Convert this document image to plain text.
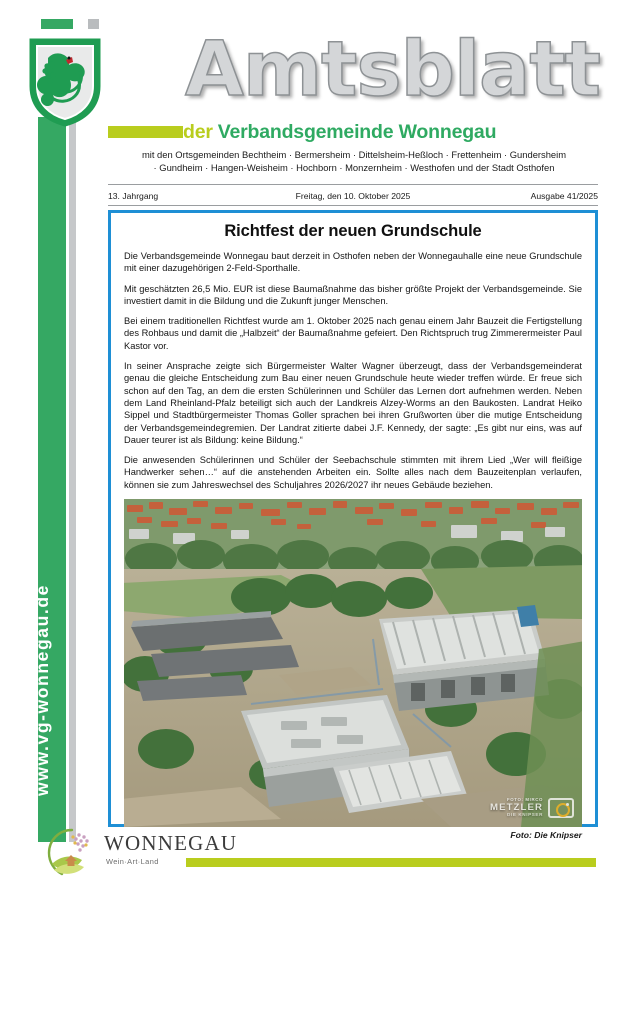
www.vg-wonnegau.de
Amtsblatt
der Verbandsgemeinde Wonnegau
mit den Ortsgemeinden Bechtheim · Bermersheim · Dittelsheim-Heßloch · Frettenheim · Gundersheim
· Gundheim · Hangen-Weisheim · Hochborn · Monzernheim · Westhofen und der Stadt Osthofen
13. Jahrgang	Freitag, den 10. Oktober 2025	Ausgabe 41/2025
Richtfest der neuen Grundschule

Die Verbandsgemeinde Wonnegau baut derzeit in Osthofen neben der Wonnegauhalle eine neue Grundschule mit einer dazugehörigen 2-Feld-Sporthalle.

Mit geschätzten 26,5 Mio. EUR ist diese Baumaßnahme das bisher größte Projekt der Verbandsgemeinde. Sie investiert damit in die Bildung und die Zukunft junger Menschen.

Bei einem traditionellen Richtfest wurde am 1. Oktober 2025 nach genau einem Jahr Bauzeit die Fertigstellung des Rohbaus und damit die „Halbzeit“ der Baumaßnahme gefeiert. Den Richtspruch trug Zimmerermeister Paul Kastor vor.

In seiner Ansprache zeigte sich Bürgermeister Walter Wagner überzeugt, dass der Verbandsgemeinderat genau die gleiche Entscheidung zum Bau einer neuen Grundschule heute wieder treffen würde. Er freue sich schon auf den Tag, an dem die ersten Schülerinnen und Schüler das Lernen dort aufnehmen werden. Neben dem Land Rheinland-Pfalz beteiligt sich auch der Landkreis Alzey-Worms an den Baukosten. Landrat Heiko Sippel und Stadtbürgermeister Thomas Goller sprachen bei ihren Grußworten über die mutige Entscheidung der Verbandsgemeindegremien. Der Landrat zitierte dabei J.F. Kennedy, der sagte: „Es gibt nur eins, was auf Dauer teurer ist als Bildung: keine Bildung.“

Die anwesenden Schülerinnen und Schüler der Seebachschule stimmten mit ihrem Lied „Wer will fleißige Handwerker sehen…“ auf die anstehenden Arbeiten ein. Sollte alles nach dem Bauzeitenplan verlaufen, können sie zum Jahreswechsel des Schuljahres 2026/2027 ihr neues Gebäude beziehen.

FOTO: MIRCO
METZLER
DIE KNIPSER
Foto: Die Knipser
WONNEGAU
Wein·Art·Land
